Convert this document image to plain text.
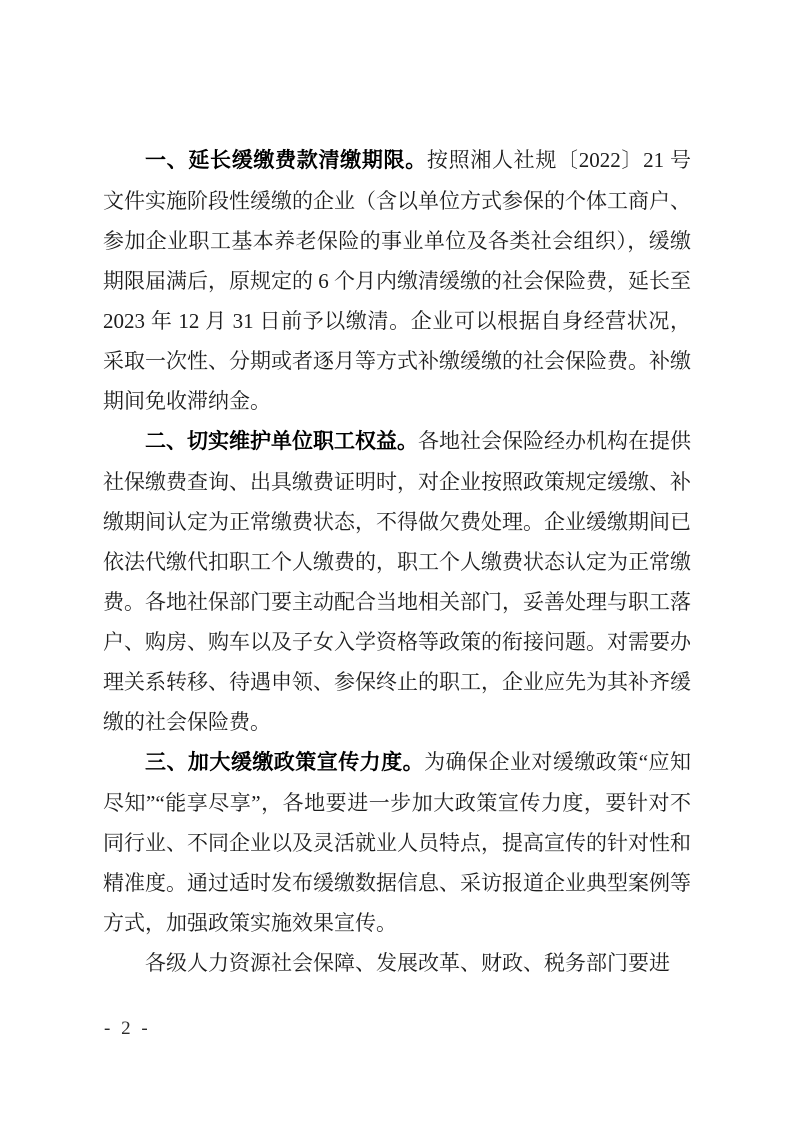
一、延长缓缴费款清缴期限。按照湘人社规〔2022〕21 号文件实施阶段性缓缴的企业（含以单位方式参保的个体工商户、参加企业职工基本养老保险的事业单位及各类社会组织），缓缴期限届满后，原规定的 6 个月内缴清缓缴的社会保险费，延长至 2023 年 12 月 31 日前予以缴清。企业可以根据自身经营状况，采取一次性、分期或者逐月等方式补缴缓缴的社会保险费。补缴期间免收滞纳金。

二、切实维护单位职工权益。各地社会保险经办机构在提供社保缴费查询、出具缴费证明时，对企业按照政策规定缓缴、补缴期间认定为正常缴费状态，不得做欠费处理。企业缓缴期间已依法代缴代扣职工个人缴费的，职工个人缴费状态认定为正常缴费。各地社保部门要主动配合当地相关部门，妥善处理与职工落户、购房、购车以及子女入学资格等政策的衔接问题。对需要办理关系转移、待遇申领、参保终止的职工，企业应先为其补齐缓缴的社会保险费。

三、加大缓缴政策宣传力度。为确保企业对缓缴政策“应知尽知”“能享尽享”，各地要进一步加大政策宣传力度，要针对不同行业、不同企业以及灵活就业人员特点，提高宣传的针对性和精准度。通过适时发布缓缴数据信息、采访报道企业典型案例等方式，加强政策实施效果宣传。

各级人力资源社会保障、发展改革、财政、税务部门要进

- 2 -
